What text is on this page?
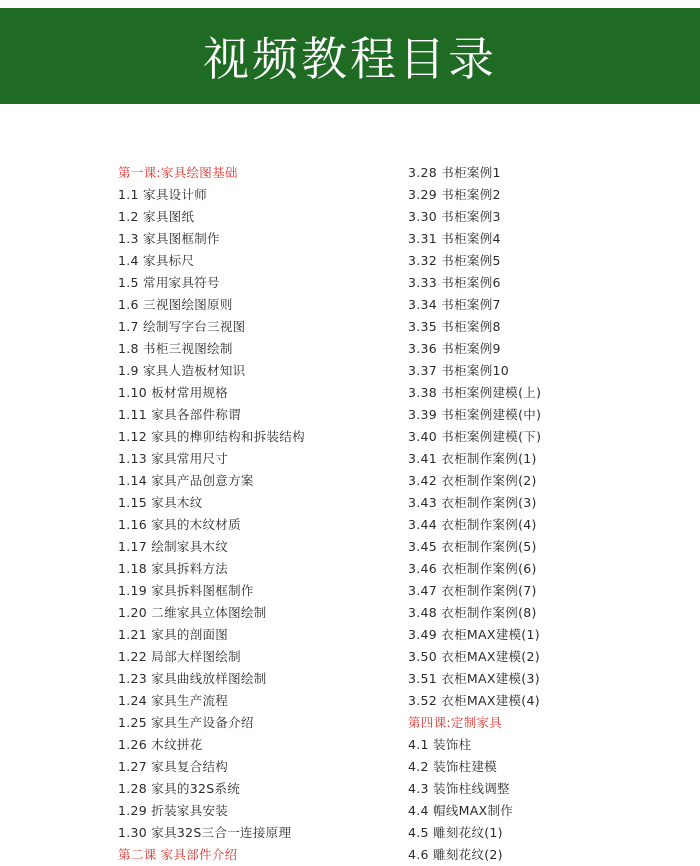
视频教程目录
第一课:家具绘图基础
1.1 家具设计师
1.2 家具图纸
1.3 家具图框制作
1.4 家具标尺
1.5 常用家具符号
1.6 三视图绘图原则
1.7 绘制写字台三视图
1.8 书柜三视图绘制
1.9 家具人造板材知识
1.10 板材常用规格
1.11 家具各部件称谓
1.12 家具的榫卯结构和拆装结构
1.13 家具常用尺寸
1.14 家具产品创意方案
1.15 家具木纹
1.16 家具的木纹材质
1.17 绘制家具木纹
1.18 家具拆料方法
1.19 家具拆料图框制作
1.20 二维家具立体图绘制
1.21 家具的剖面图
1.22 局部大样图绘制
1.23 家具曲线放样图绘制
1.24 家具生产流程
1.25 家具生产设备介绍
1.26 木纹拼花
1.27 家具复合结构
1.28 家具的32S系统
1.29 折装家具安装
1.30 家具32S三合一连接原理
第二课 家具部件介绍
3.28 书柜案例1
3.29 书柜案例2
3.30 书柜案例3
3.31 书柜案例4
3.32 书柜案例5
3.33 书柜案例6
3.34 书柜案例7
3.35 书柜案例8
3.36 书柜案例9
3.37 书柜案例10
3.38 书柜案例建模(上)
3.39 书柜案例建模(中)
3.40 书柜案例建模(下)
3.41 衣柜制作案例(1)
3.42 衣柜制作案例(2)
3.43 衣柜制作案例(3)
3.44 衣柜制作案例(4)
3.45 衣柜制作案例(5)
3.46 衣柜制作案例(6)
3.47 衣柜制作案例(7)
3.48 衣柜制作案例(8)
3.49 衣柜MAX建模(1)
3.50 衣柜MAX建模(2)
3.51 衣柜MAX建模(3)
3.52 衣柜MAX建模(4)
第四课:定制家具
4.1 装饰柱
4.2 装饰柱建模
4.3 装饰柱线调整
4.4 帽线MAX制作
4.5 雕刻花纹(1)
4.6 雕刻花纹(2)
